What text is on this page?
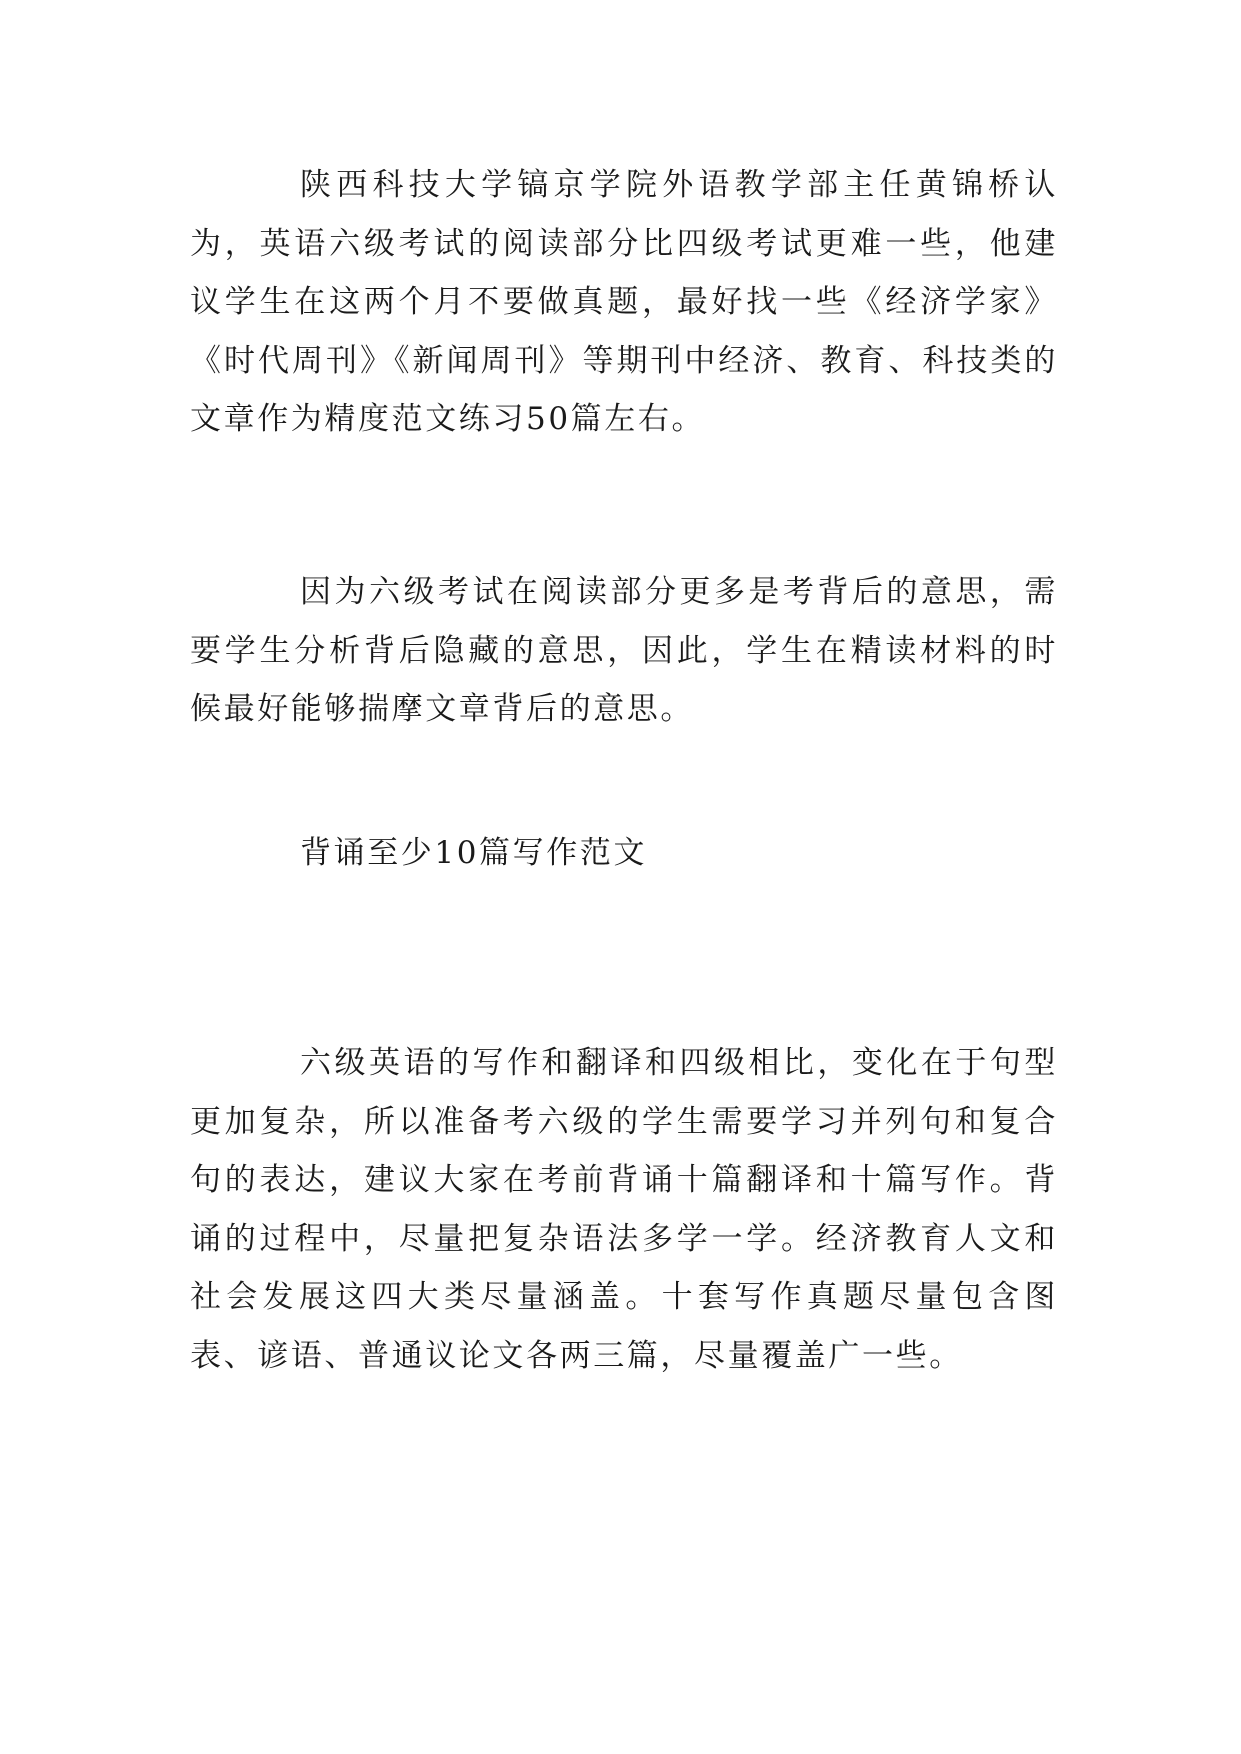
陕西科技大学镐京学院外语教学部主任黄锦桥认为，英语六级考试的阅读部分比四级考试更难一些，他建议学生在这两个月不要做真题，最好找一些《经济学家》《时代周刊》《新闻周刊》等期刊中经济、教育、科技类的文章作为精度范文练习50篇左右。

因为六级考试在阅读部分更多是考背后的意思，需要学生分析背后隐藏的意思，因此，学生在精读材料的时候最好能够揣摩文章背后的意思。

背诵至少10篇写作范文

六级英语的写作和翻译和四级相比，变化在于句型更加复杂，所以准备考六级的学生需要学习并列句和复合句的表达，建议大家在考前背诵十篇翻译和十篇写作。背诵的过程中，尽量把复杂语法多学一学。经济教育人文和社会发展这四大类尽量涵盖。十套写作真题尽量包含图表、谚语、普通议论文各两三篇，尽量覆盖广一些。
